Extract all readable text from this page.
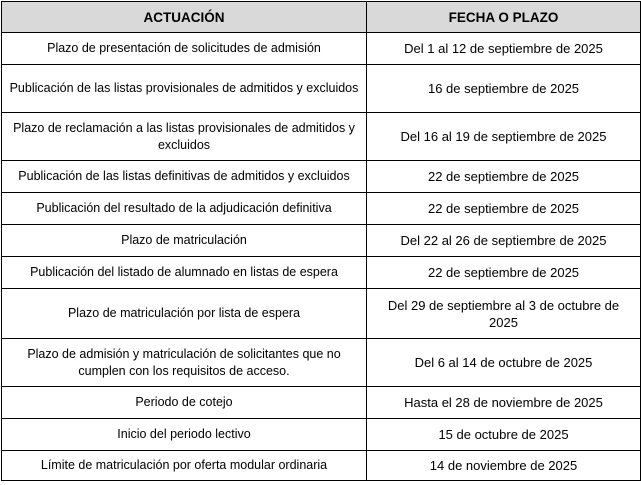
ACTUACIÓN	FECHA O PLAZO
Plazo de presentación de solicitudes de admisión	Del 1 al 12 de septiembre de 2025
Publicación de las listas provisionales de admitidos y excluidos	16 de septiembre de 2025
Plazo de reclamación a las listas provisionales de admitidos y excluidos	Del 16 al 19 de septiembre de 2025
Publicación de las listas definitivas de admitidos y excluidos	22 de septiembre de 2025
Publicación del resultado de la adjudicación definitiva	22 de septiembre de 2025
Plazo de matriculación	Del 22 al 26 de septiembre de 2025
Publicación del listado de alumnado en listas de espera	22 de septiembre de 2025
Plazo de matriculación por lista de espera	Del 29 de septiembre al 3 de octubre de 2025
Plazo de admisión y matriculación de solicitantes que no cumplen con los requisitos de acceso.	Del 6 al 14 de octubre de 2025
Periodo de cotejo	Hasta el 28 de noviembre de 2025
Inicio del periodo lectivo	15 de octubre de 2025
Límite de matriculación por oferta modular ordinaria	14 de noviembre de 2025
